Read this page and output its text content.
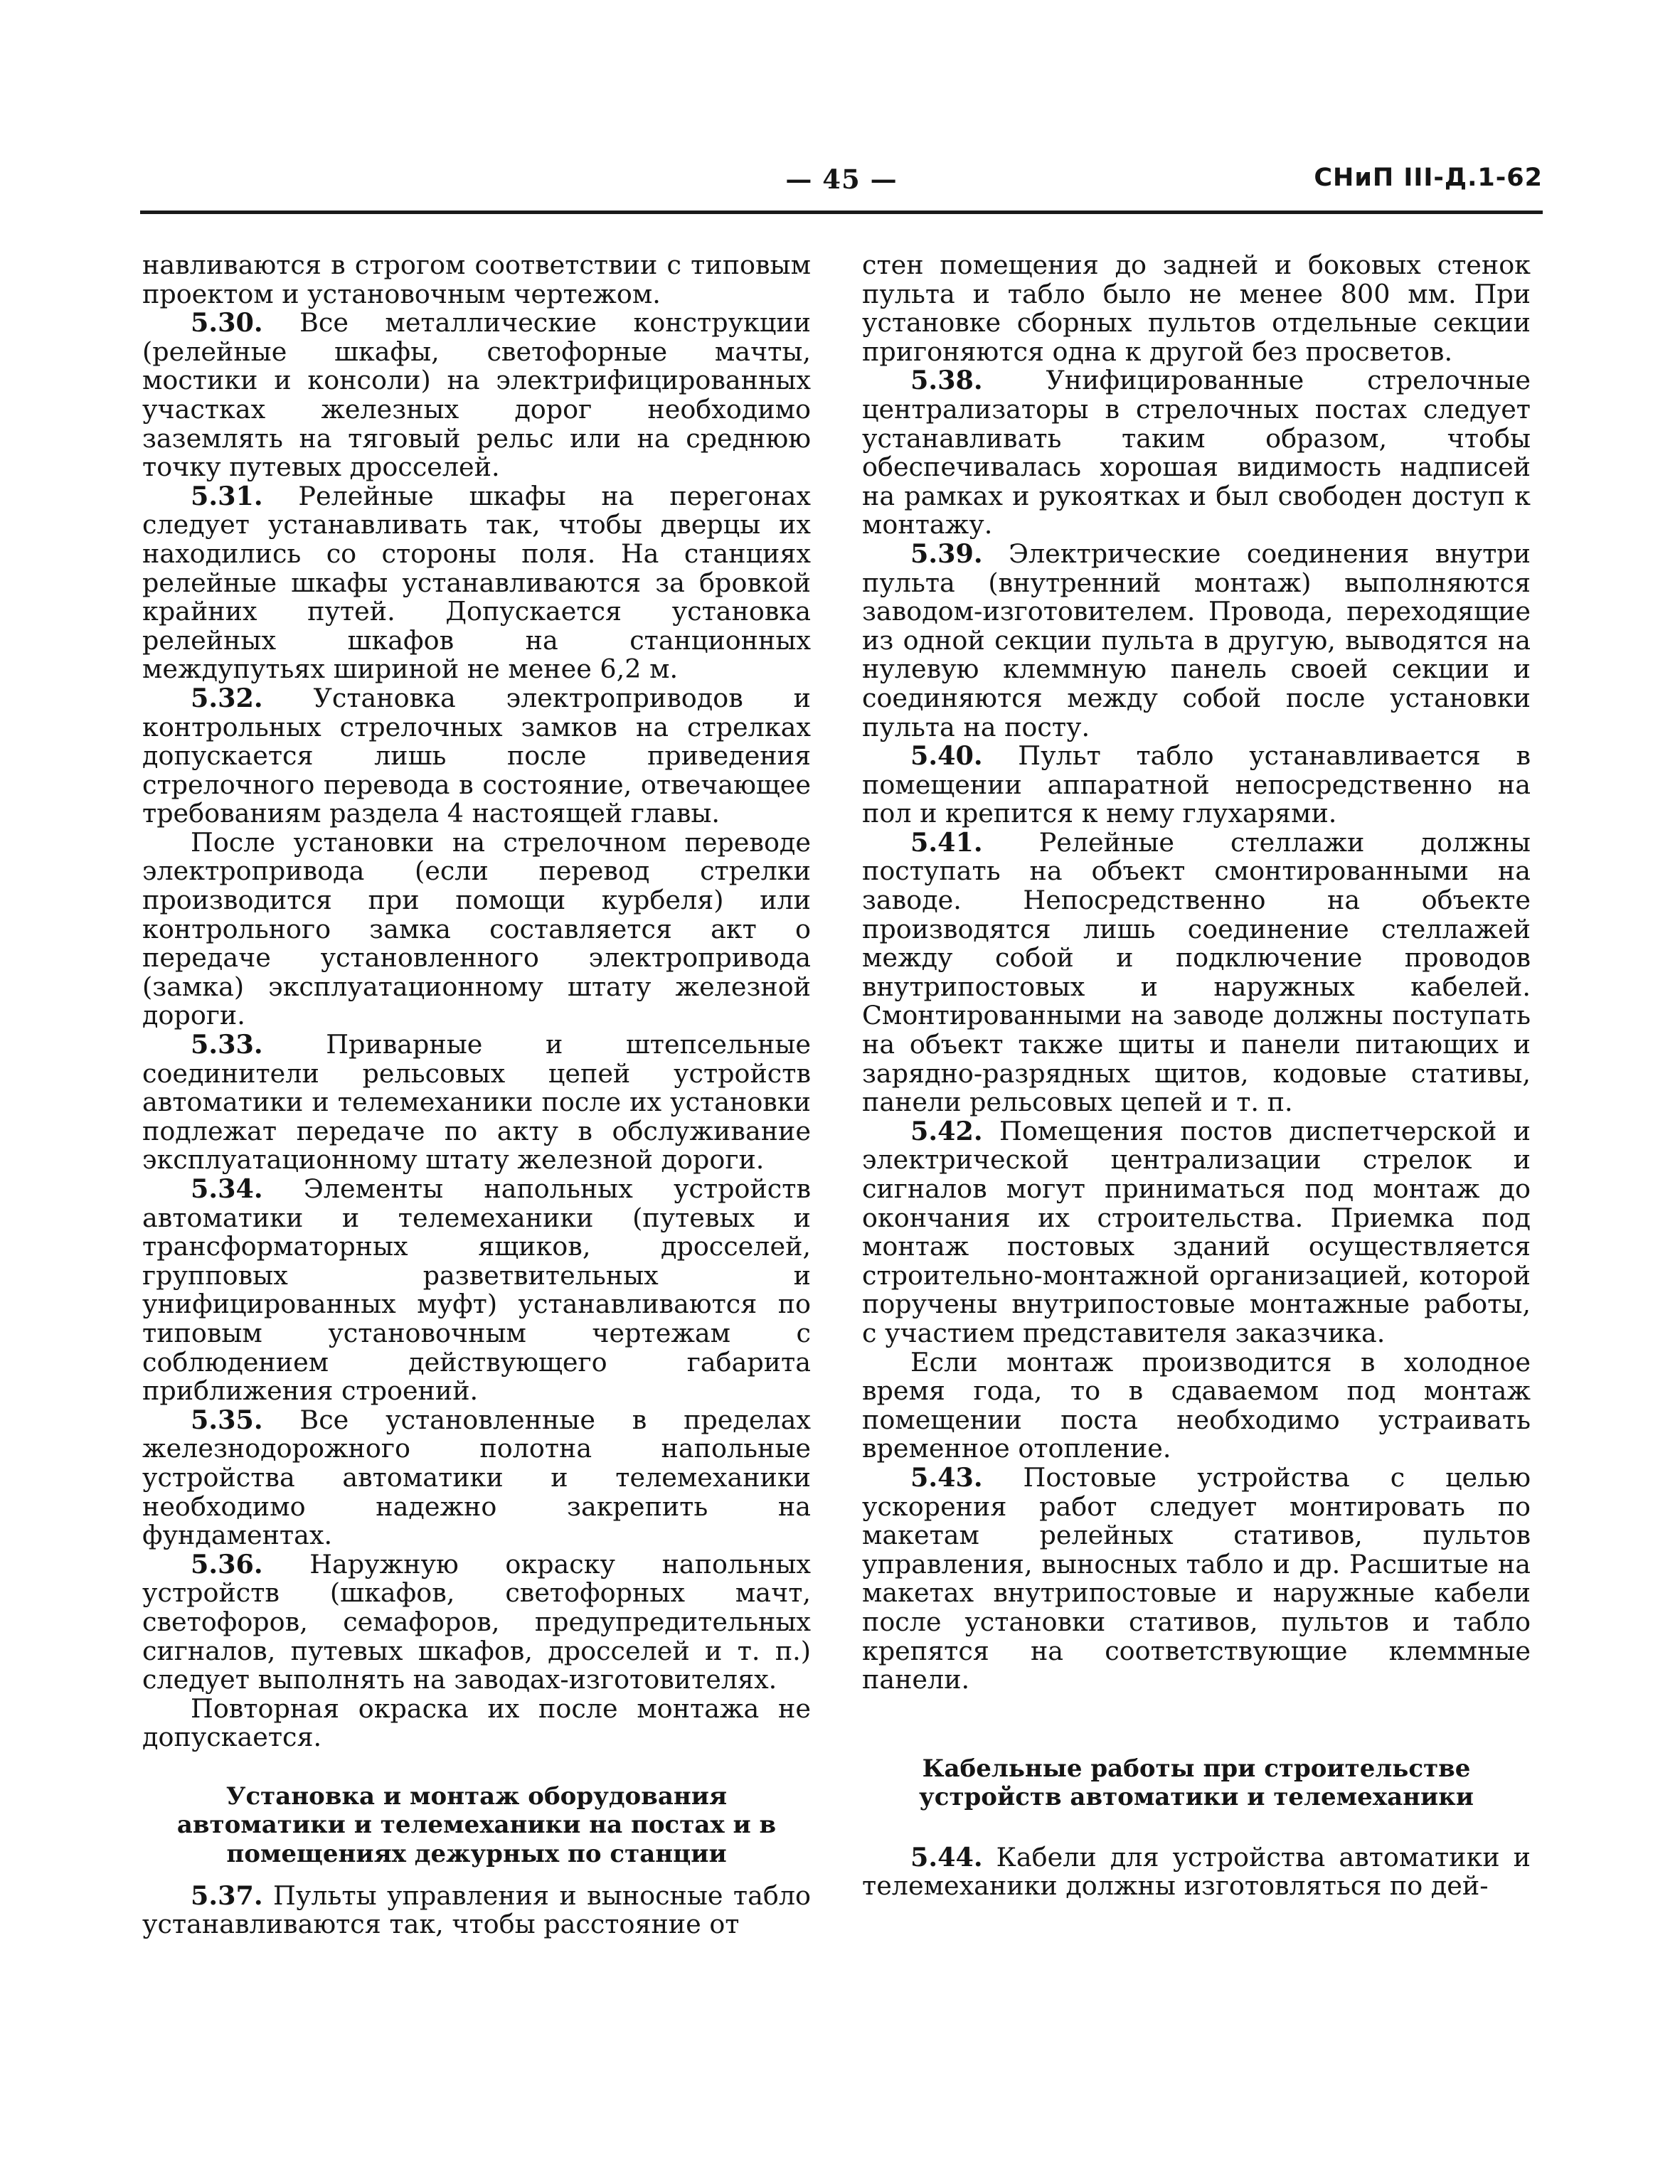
— 45 —	СНиП III-Д.1-62

навливаются в строгом соответствии с типовым проектом и установочным чертежом.

5.30. Все металлические конструкции (релейные шкафы, светофорные мачты, мостики и консоли) на электрифицированных участках железных дорог необходимо заземлять на тяговый рельс или на среднюю точку путевых дросселей.

5.31. Релейные шкафы на перегонах следует устанавливать так, чтобы дверцы их находились со стороны поля. На станциях релейные шкафы устанавливаются за бровкой крайних путей. Допускается установка релейных шкафов на станционных междупутьях шириной не менее 6,2 м.

5.32. Установка электроприводов и контрольных стрелочных замков на стрелках допускается лишь после приведения стрелочного перевода в состояние, отвечающее требованиям раздела 4 настоящей главы.

После установки на стрелочном переводе электропривода (если перевод стрелки производится при помощи курбеля) или контрольного замка составляется акт о передаче установленного электропривода (замка) эксплуатационному штату железной дороги.

5.33. Приварные и штепсельные соединители рельсовых цепей устройств автоматики и телемеханики после их установки подлежат передаче по акту в обслуживание эксплуатационному штату железной дороги.

5.34. Элементы напольных устройств автоматики и телемеханики (путевых и трансформаторных ящиков, дросселей, групповых разветвительных и унифицированных муфт) устанавливаются по типовым установочным чертежам с соблюдением действующего габарита приближения строений.

5.35. Все установленные в пределах железнодорожного полотна напольные устройства автоматики и телемеханики необходимо надежно закрепить на фундаментах.

5.36. Наружную окраску напольных устройств (шкафов, светофорных мачт, светофоров, семафоров, предупредительных сигналов, путевых шкафов, дросселей и т. п.) следует выполнять на заводах-изготовителях.

Повторная окраска их после монтажа не допускается.

Установка и монтаж оборудования автоматики и телемеханики на постах и в помещениях дежурных по станции

5.37. Пульты управления и выносные табло устанавливаются так, чтобы расстояние от

стен помещения до задней и боковых стенок пульта и табло было не менее 800 мм. При установке сборных пультов отдельные секции пригоняются одна к другой без просветов.

5.38. Унифицированные стрелочные централизаторы в стрелочных постах следует устанавливать таким образом, чтобы обеспечивалась хорошая видимость надписей на рамках и рукоятках и был свободен доступ к монтажу.

5.39. Электрические соединения внутри пульта (внутренний монтаж) выполняются заводом-изготовителем. Провода, переходящие из одной секции пульта в другую, выводятся на нулевую клеммную панель своей секции и соединяются между собой после установки пульта на посту.

5.40. Пульт табло устанавливается в помещении аппаратной непосредственно на пол и крепится к нему глухарями.

5.41. Релейные стеллажи должны поступать на объект смонтированными на заводе. Непосредственно на объекте производятся лишь соединение стеллажей между собой и подключение проводов внутрипостовых и наружных кабелей. Смонтированными на заводе должны поступать на объект также щиты и панели питающих и зарядно-разрядных щитов, кодовые стативы, панели рельсовых цепей и т. п.

5.42. Помещения постов диспетчерской и электрической централизации стрелок и сигналов могут приниматься под монтаж до окончания их строительства. Приемка под монтаж постовых зданий осуществляется строительно-монтажной организацией, которой поручены внутрипостовые монтажные работы, с участием представителя заказчика.

Если монтаж производится в холодное время года, то в сдаваемом под монтаж помещении поста необходимо устраивать временное отопление.

5.43. Постовые устройства с целью ускорения работ следует монтировать по макетам релейных стативов, пультов управления, выносных табло и др. Расшитые на макетах внутрипостовые и наружные кабели после установки стативов, пультов и табло крепятся на соответствующие клеммные панели.

Кабельные работы при строительстве устройств автоматики и телемеханики

5.44. Кабели для устройства автоматики и телемеханики должны изготовляться по дей-
